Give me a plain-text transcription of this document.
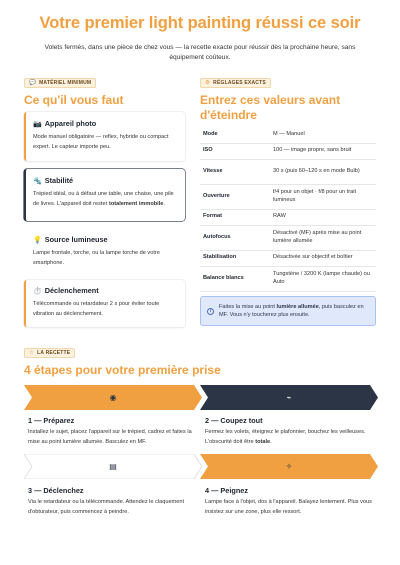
Votre premier light painting réussi ce soir
Volets fermés, dans une pièce de chez vous — la recette exacte pour réussir dès la prochaine heure, sans équipement coûteux.
💬 MATÉRIEL MINIMUM
Ce qu'il vous faut
📷 Appareil photo
Mode manuel obligatoire — reflex, hybride ou compact expert. Le capteur importe peu.
🔩 Stabilité
Trépied idéal, ou à défaut une table, une chaise, une pile de livres. L'appareil doit rester totalement immobile.
💡 Source lumineuse
Lampe frontale, torche, ou la lampe torche de votre smartphone.
⏱️ Déclenchement
Télécommande ou retardateur 2 s pour éviter toute vibration au déclenchement.
⚙ RÉGLAGES EXACTS
Entrez ces valeurs avant d'éteindre
Mode	M — Manuel
ISO	100 — image propre, sans bruit
Vitesse	30 s (puis 60–120 s en mode Bulb)
Ouverture	f/4 pour un objet · f/8 pour un trait lumineux
Format	RAW
Autofocus	Désactivé (MF) après mise au point lumière allumée
Stabilisation	Désactivée sur objectif et boîtier
Balance blancs	Tungstène / 3200 K (lampe chaude) ou Auto
i
Faites la mise au point lumière allumée, puis basculez en MF. Vous n'y toucherez plus ensuite.
☆ LA RECETTE
4 étapes pour votre première prise
◉	⌁
1 — Préparez
Installez le sujet, placez l'appareil sur le trépied, cadrez et faites la mise au point lumière allumée. Basculez en MF.
2 — Coupez tout
Fermez les volets, éteignez le plafonnier, bouchez les veilleuses. L'obscurité doit être totale.
▤	✧
3 — Déclenchez
Via le retardateur ou la télécommande. Attendez le claquement d'obturateur, puis commencez à peindre.
4 — Peignez
Lampe face à l'objet, dos à l'appareil. Balayez lentement. Plus vous insistez sur une zone, plus elle ressort.
